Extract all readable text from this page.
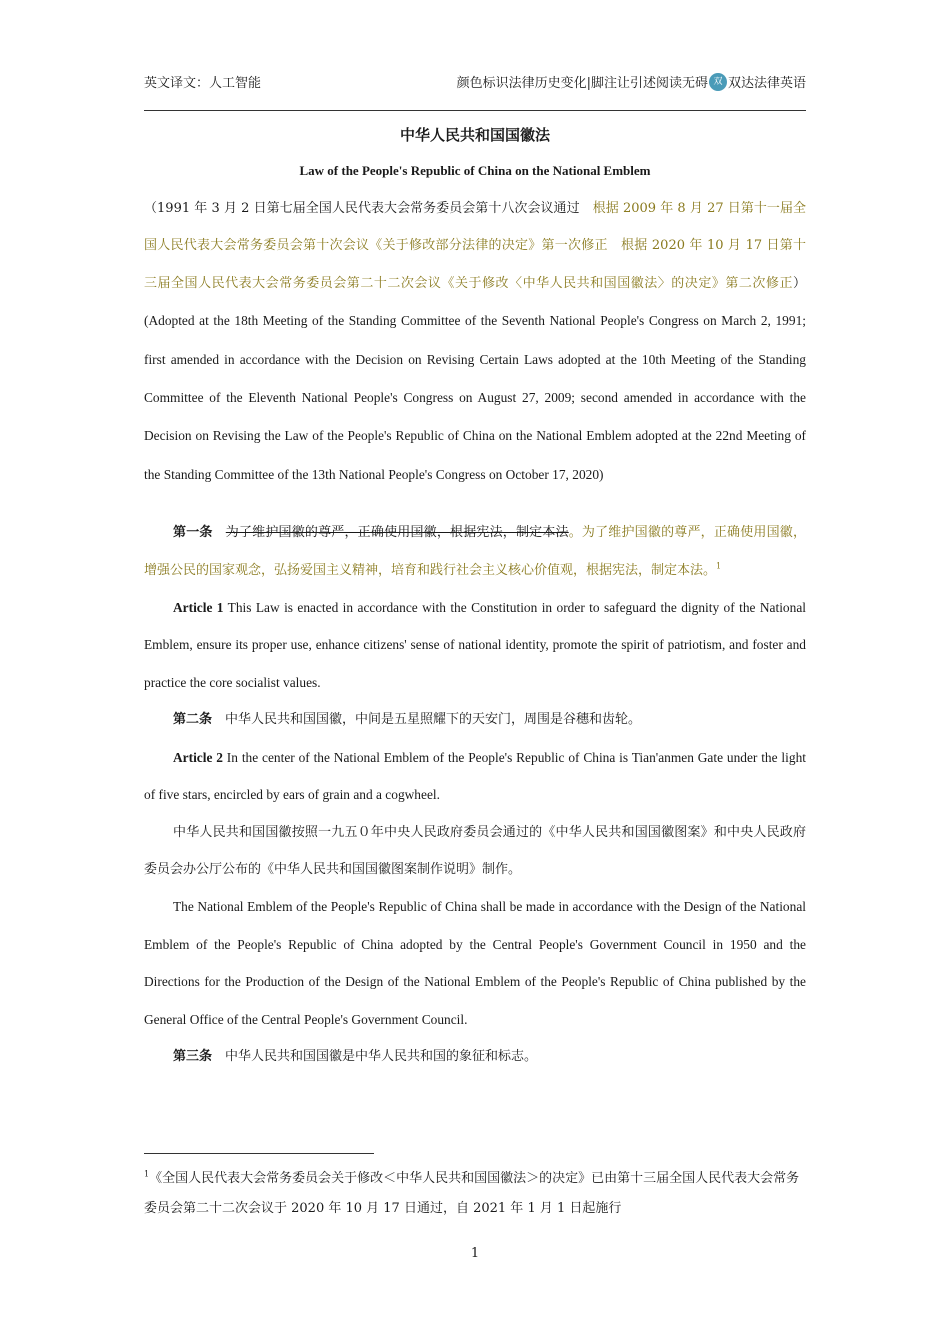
英文译文：人工智能	颜色标识法律历史变化|脚注让引述阅读无碍 双 双达法律英语
中华人民共和国国徽法
Law of the People's Republic of China on the National Emblem

（1991 年 3 月 2 日第七届全国人民代表大会常务委员会第十八次会议通过　根据 2009 年 8 月 27 日第十一届全国人民代表大会常务委员会第十次会议《关于修改部分法律的决定》第一次修正　根据 2020 年 10 月 17 日第十三届全国人民代表大会常务委员会第二十二次会议《关于修改〈中华人民共和国国徽法〉的决定》第二次修正）(Adopted at the 18th Meeting of the Standing Committee of the Seventh National People's Congress on March 2, 1991; first amended in accordance with the Decision on Revising Certain Laws adopted at the 10th Meeting of the Standing Committee of the Eleventh National People's Congress on August 27, 2009; second amended in accordance with the Decision on Revising the Law of the People's Republic of China on the National Emblem adopted at the 22nd Meeting of the Standing Committee of the 13th National People's Congress on October 17, 2020)

第一条　 为了维护国徽的尊严，正确使用国徽，根据宪法，制定本法。为了维护国徽的尊严，正确使用国徽，增强公民的国家观念，弘扬爱国主义精神，培育和践行社会主义核心价值观，根据宪法，制定本法。$^1$

Article 1 This Law is enacted in accordance with the Constitution in order to safeguard the dignity of the National Emblem, ensure its proper use, enhance citizens' sense of national identity, promote the spirit of patriotism, and foster and practice the core socialist values.

第二条　 中华人民共和国国徽，中间是五星照耀下的天安门，周围是谷穗和齿轮。

Article 2 In the center of the National Emblem of the People's Republic of China is Tian'anmen Gate under the light of five stars, encircled by ears of grain and a cogwheel.

中华人民共和国国徽按照一九五０年中央人民政府委员会通过的《中华人民共和国国徽图案》和中央人民政府委员会办公厅公布的《中华人民共和国国徽图案制作说明》制作。

The National Emblem of the People's Republic of China shall be made in accordance with the Design of the National Emblem of the People's Republic of China adopted by the Central People's Government Council in 1950 and the Directions for the Production of the Design of the National Emblem of the People's Republic of China published by the General Office of the Central People's Government Council.

第三条　 中华人民共和国国徽是中华人民共和国的象征和标志。

$^1$《全国人民代表大会常务委员会关于修改＜中华人民共和国国徽法＞的决定》已由第十三届全国人民代表大会常务委员会第二十二次会议于 2020 年 10 月 17 日通过，自 2021 年 1 月 1 日起施行
1
